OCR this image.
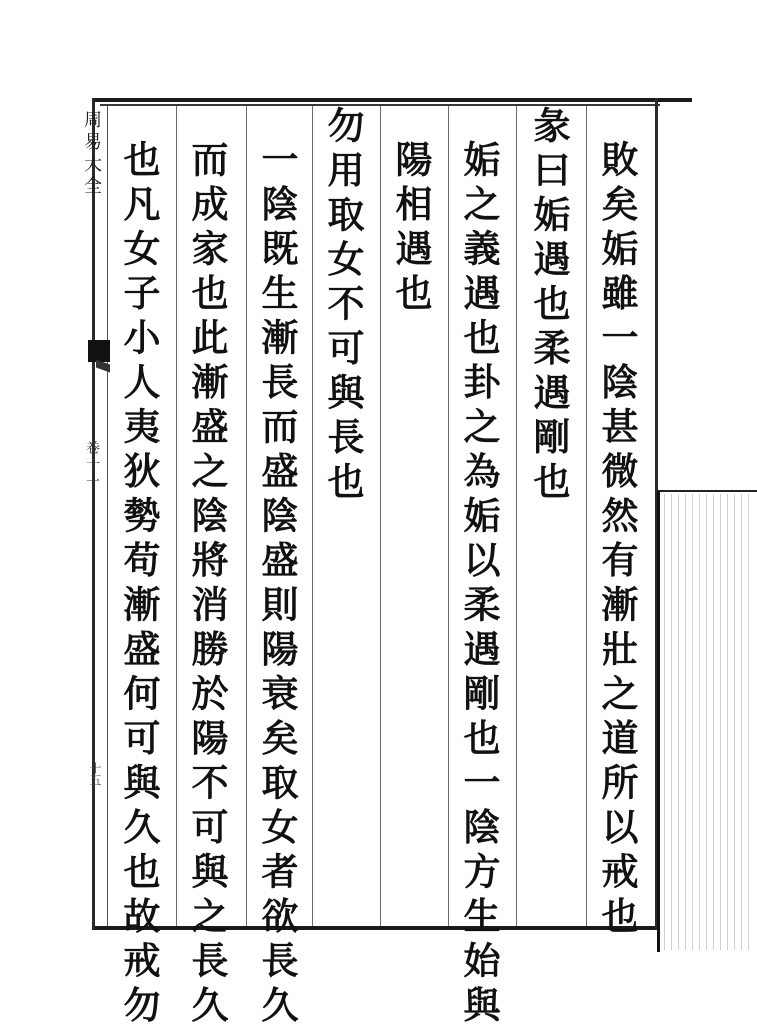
周易大全
卷十一
十五	敗矣姤雖一陰甚微然有漸壯之道所以戒也
彖曰姤遇也柔遇剛也
姤之義遇也卦之為姤以柔遇剛也一陰方生始與
陽相遇也
勿用取女不可與長也
一陰既生漸長而盛陰盛則陽衰矣取女者欲長久
而成家也此漸盛之陰將消勝於陽不可與之長久
也凡女子小人夷狄勢苟漸盛何可與久也故戒勿
